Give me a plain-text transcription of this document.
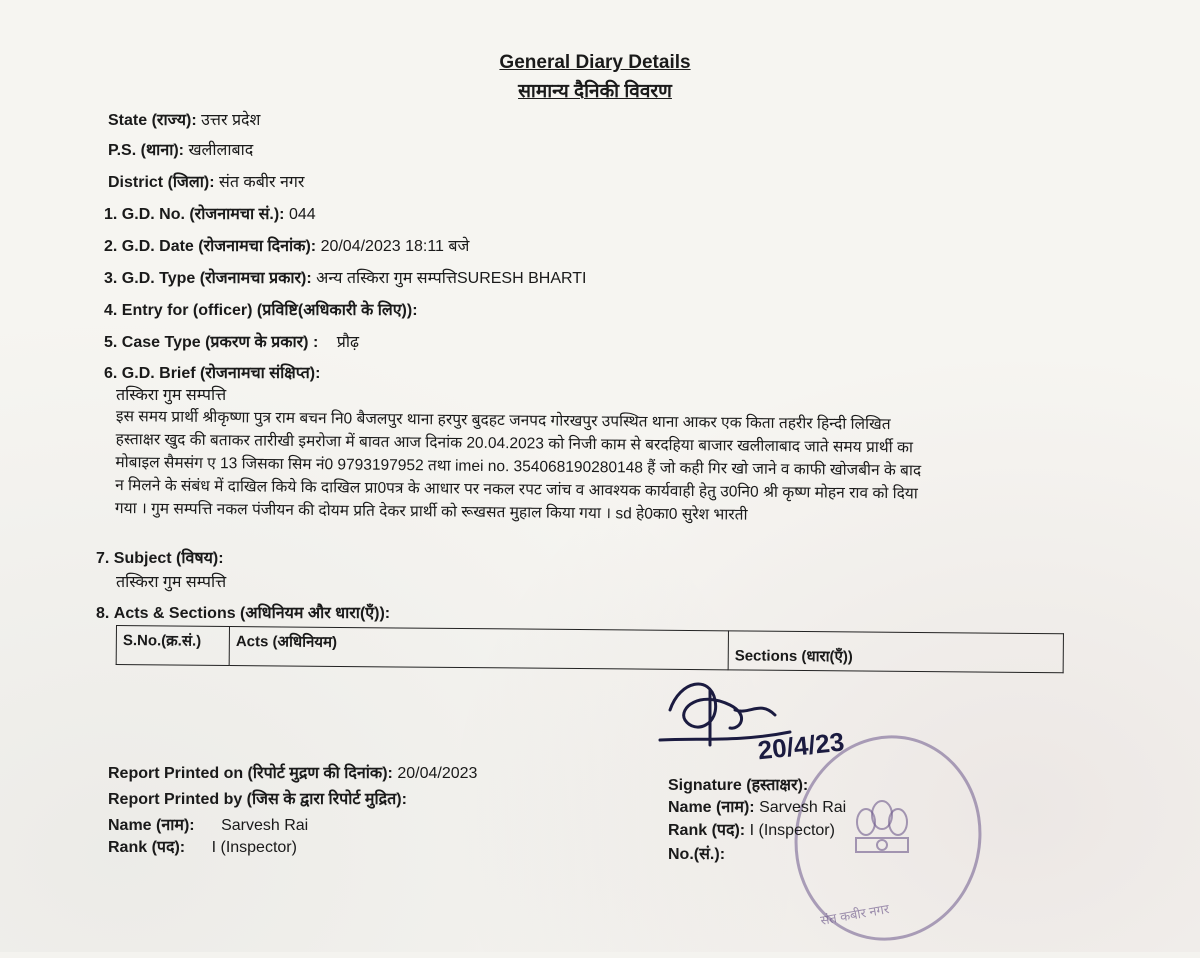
General Diary Details
सामान्य दैनिकी विवरण
State (राज्य): उत्तर प्रदेश
P.S. (थाना): खलीलाबाद
District (जिला): संत कबीर नगर
1. G.D. No. (रोजनामचा सं.): 044
2. G.D. Date (रोजनामचा दिनांक): 20/04/2023 18:11 बजे
3. G.D. Type (रोजनामचा प्रकार): अन्य तस्किरा गुम सम्पत्तिSURESH BHARTI
4. Entry for (officer) (प्रविष्टि(अधिकारी के लिए)):
5. Case Type (प्रकरण के प्रकार) : प्रौढ़
6. G.D. Brief (रोजनामचा संक्षिप्त):
तस्किरा गुम सम्पत्ति

इस समय प्रार्थी श्रीकृष्णा पुत्र राम बचन नि0 बैजलपुर थाना हरपुर बुदहट जनपद गोरखपुर उपस्थित थाना आकर एक किता तहरीर हिन्दी लिखित

हस्ताक्षर खुद की बताकर तारीखी इमरोजा में बावत आज दिनांक 20.04.2023 को निजी काम से बरदहिया बाजार खलीलाबाद जाते समय प्रार्थी का

मोबाइल सैमसंग ए 13 जिसका सिम नं0 9793197952 तथा imei no. 354068190280148 हैं जो कही गिर खो जाने व काफी खोजबीन के बाद

न मिलने के संबंध में दाखिल किये कि दाखिल प्रा0पत्र के आधार पर नकल रपट जांच व आवश्यक कार्यवाही हेतु उ0नि0 श्री कृष्ण मोहन राव को दिया

गया । गुम सम्पत्ति नकल पंजीयन की दोयम प्रति देकर प्रार्थी को रूखसत मुहाल किया गया । sd हे0का0 सुरेश भारती

7. Subject (विषय):
तस्किरा गुम सम्पत्ति
8. Acts & Sections (अधिनियम और धारा(एँ)):
S.No.(क्र.सं.)	Acts (अधिनियम)	Sections (धारा(एँ))
Report Printed on (रिपोर्ट मुद्रण की दिनांक): 20/04/2023
Report Printed by (जिस के द्वारा रिपोर्ट मुद्रित):
Name (नाम): Sarvesh Rai
Rank (पद): I (Inspector)
20/4/23
संत कबीर नगर
Signature (हस्ताक्षर):
Name (नाम): Sarvesh Rai
Rank (पद): I (Inspector)
No.(सं.):
